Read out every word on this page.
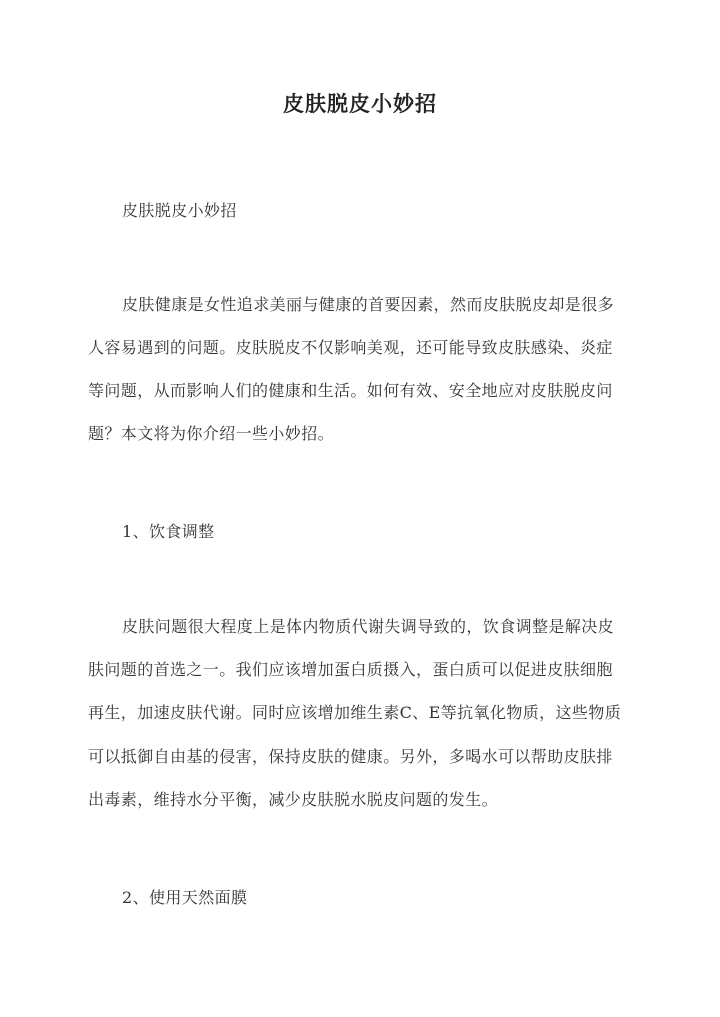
皮肤脱皮小妙招
皮肤脱皮小妙招
皮肤健康是女性追求美丽与健康的首要因素，然而皮肤脱皮却是很多
人容易遇到的问题。皮肤脱皮不仅影响美观，还可能导致皮肤感染、炎症
等问题，从而影响人们的健康和生活。如何有效、安全地应对皮肤脱皮问
题？本文将为你介绍一些小妙招。
1、饮食调整
皮肤问题很大程度上是体内物质代谢失调导致的，饮食调整是解决皮
肤问题的首选之一。我们应该增加蛋白质摄入，蛋白质可以促进皮肤细胞
再生，加速皮肤代谢。同时应该增加维生素C、E等抗氧化物质，这些物质
可以抵御自由基的侵害，保持皮肤的健康。另外，多喝水可以帮助皮肤排
出毒素，维持水分平衡，减少皮肤脱水脱皮问题的发生。
2、使用天然面膜
